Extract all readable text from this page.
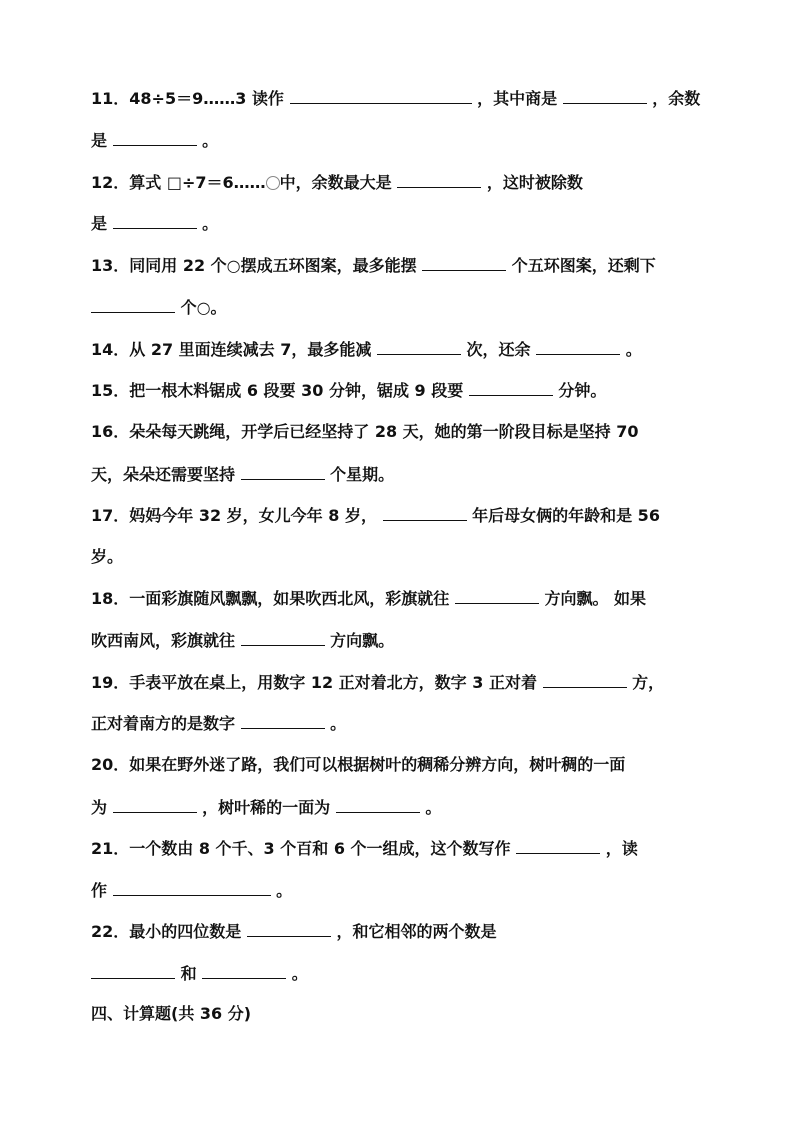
11．48÷5＝9……3 读作	，其中商是	，余数
是	。
12．算式 □÷7＝6…… 中，余数最大是	，这时被除数
是	。
13．同同用 22 个○摆成五环图案，最多能摆	个五环图案，还剩下
个○。
14．从 27 里面连续减去 7，最多能减	次，还余	。
15．把一根木料锯成 6 段要 30 分钟，锯成 9 段要	分钟。
16．朵朵每天跳绳，开学后已经坚持了 28 天，她的第一阶段目标是坚持 70
天，朵朵还需要坚持	个星期。
17．妈妈今年 32 岁，女儿今年 8 岁，	年后母女俩的年龄和是 56
岁。
18．一面彩旗随风飘飘，如果吹西北风，彩旗就往	方向飘。 如果
吹西南风，彩旗就往	方向飘。
19．手表平放在桌上，用数字 12 正对着北方，数字 3 正对着	方，
正对着南方的是数字	。
20．如果在野外迷了路，我们可以根据树叶的稠稀分辨方向，树叶稠的一面
为	，树叶稀的一面为	。
21．一个数由 8 个千、3 个百和 6 个一组成，这个数写作	，读
作	。
22．最小的四位数是	，和它相邻的两个数是
和	。
四、计算题(共 36 分)
